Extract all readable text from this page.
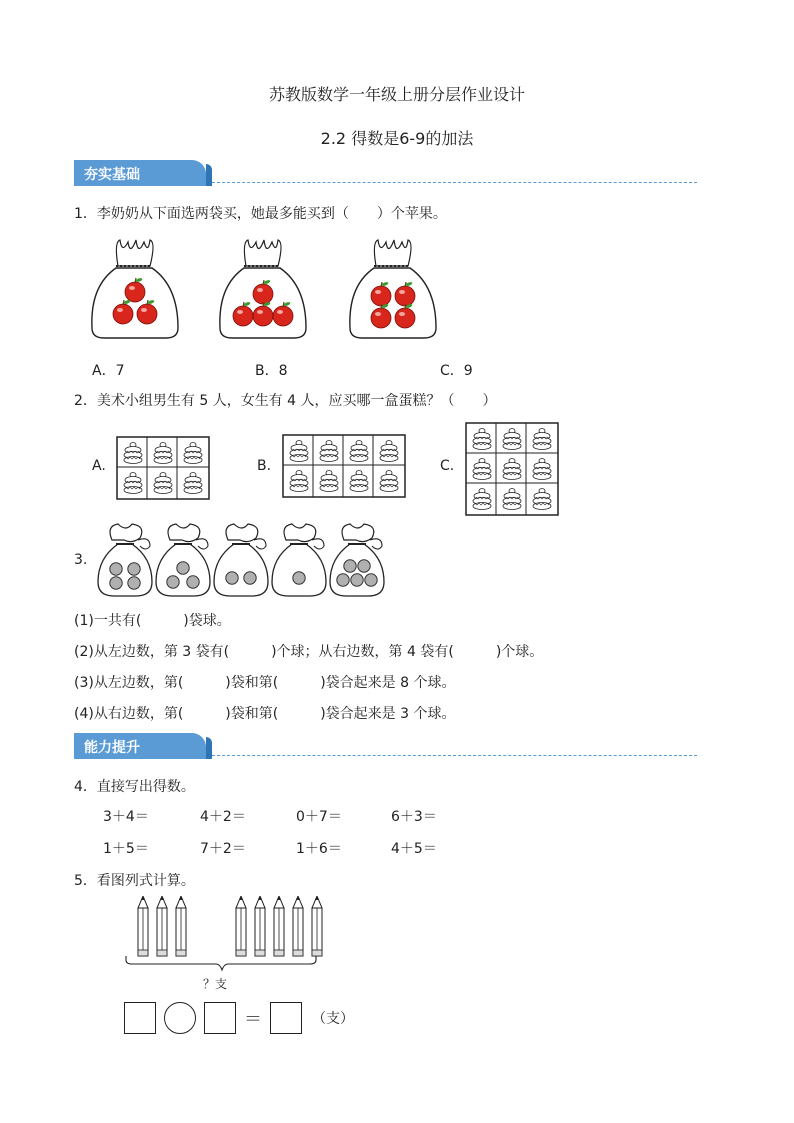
苏教版数学一年级上册分层作业设计
2.2 得数是6-9的加法
夯实基础
1．李奶奶从下面选两袋买，她最多能买到（　　）个苹果。
A．7	B．8	C．9
2．美术小组男生有 5 人，女生有 4 人，应买哪一盒蛋糕？（　　）
A.	B.	C.
3.
(1)一共有(　　　)袋球。
(2)从左边数，第 3 袋有(　　　)个球；从右边数，第 4 袋有(　　　)个球。
(3)从左边数，第(　　　)袋和第(　　　)袋合起来是 8 个球。
(4)从右边数，第(　　　)袋和第(　　　)袋合起来是 3 个球。
能力提升
4．直接写出得数。
3＋4＝	4＋2＝	0＋7＝	6＋3＝
1＋5＝	7＋2＝	1＋6＝	4＋5＝
5．看图列式计算。
？支
＝	（支）
